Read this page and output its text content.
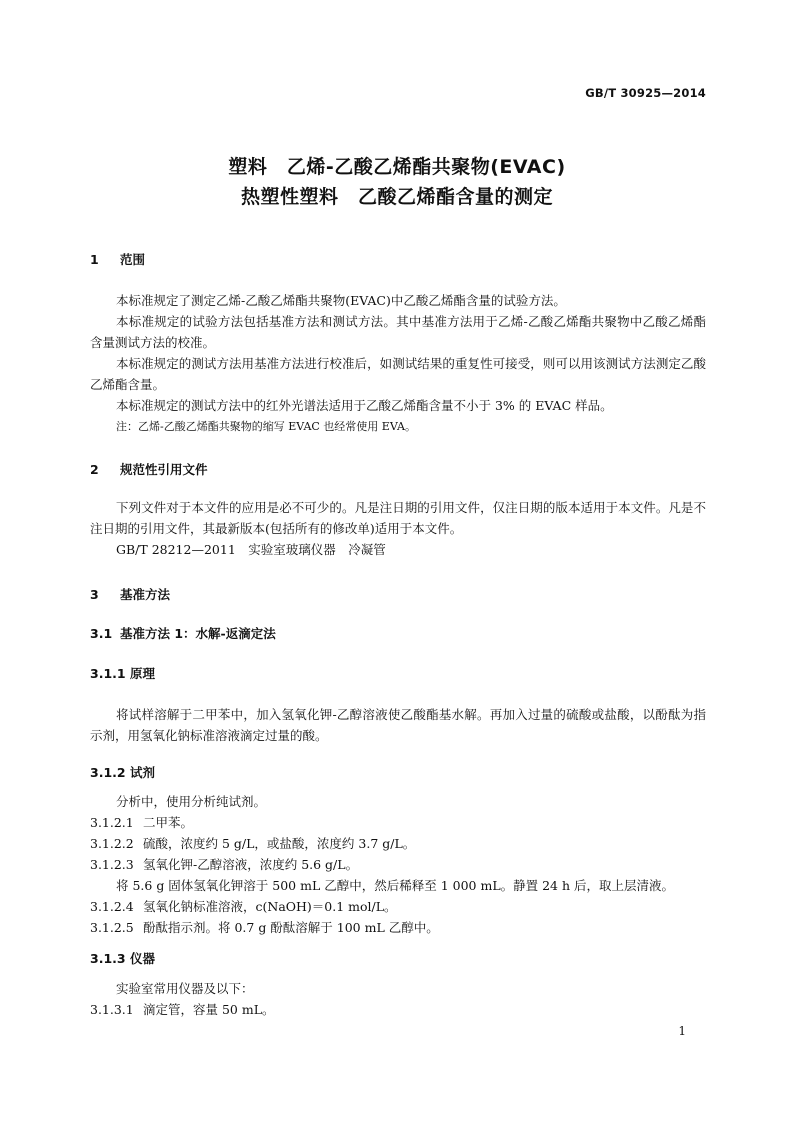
GB/T 30925—2014
塑料　乙烯-乙酸乙烯酯共聚物(EVAC)
热塑性塑料　乙酸乙烯酯含量的测定
1 范围
本标准规定了测定乙烯-乙酸乙烯酯共聚物(EVAC)中乙酸乙烯酯含量的试验方法。
本标准规定的试验方法包括基准方法和测试方法。其中基准方法用于乙烯-乙酸乙烯酯共聚物中乙酸乙烯酯含量测试方法的校准。
本标准规定的测试方法用基准方法进行校准后，如测试结果的重复性可接受，则可以用该测试方法测定乙酸乙烯酯含量。
本标准规定的测试方法中的红外光谱法适用于乙酸乙烯酯含量不小于 3% 的 EVAC 样品。
注：乙烯-乙酸乙烯酯共聚物的缩写 EVAC 也经常使用 EVA。
2 规范性引用文件
下列文件对于本文件的应用是必不可少的。凡是注日期的引用文件，仅注日期的版本适用于本文件。凡是不注日期的引用文件，其最新版本(包括所有的修改单)适用于本文件。
GB/T 28212—2011　实验室玻璃仪器　冷凝管
3 基准方法
3.1 基准方法 1：水解-返滴定法
3.1.1 原理
将试样溶解于二甲苯中，加入氢氧化钾-乙醇溶液使乙酸酯基水解。再加入过量的硫酸或盐酸，以酚酞为指示剂，用氢氧化钠标准溶液滴定过量的酸。
3.1.2 试剂
分析中，使用分析纯试剂。
3.1.2.1 二甲苯。
3.1.2.2 硫酸，浓度约 5 g/L，或盐酸，浓度约 3.7 g/L。
3.1.2.3 氢氧化钾-乙醇溶液，浓度约 5.6 g/L。
将 5.6 g 固体氢氧化钾溶于 500 mL 乙醇中，然后稀释至 1 000 mL。静置 24 h 后，取上层清液。
3.1.2.4 氢氧化钠标准溶液，c(NaOH)＝0.1 mol/L。
3.1.2.5 酚酞指示剂。将 0.7 g 酚酞溶解于 100 mL 乙醇中。
3.1.3 仪器
实验室常用仪器及以下：
3.1.3.1 滴定管，容量 50 mL。
1
